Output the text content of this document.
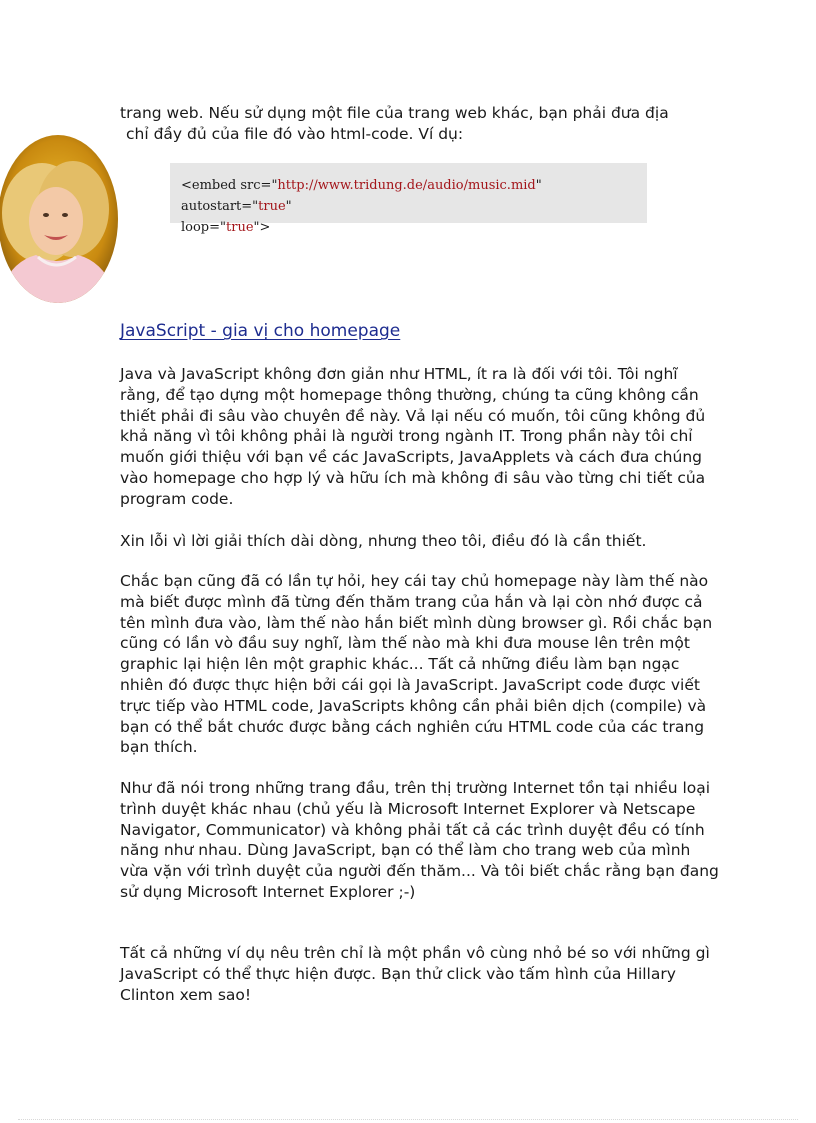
trang web. Nếu sử dụng một file của trang web khác, bạn phải đưa địa
chỉ đầy đủ của file đó vào html-code. Ví dụ:

<embed src="http://www.tridung.de/audio/music.mid" autostart="true"
loop="true">
JavaScript - gia vị cho homepage

Java và JavaScript không đơn giản như HTML, ít ra là đối với tôi. Tôi nghĩ rằng, để tạo dựng một homepage thông thường, chúng ta cũng không cần thiết phải đi sâu vào chuyên đề này. Vả lại nếu có muốn, tôi cũng không đủ khả năng vì tôi không phải là người trong ngành IT. Trong phần này tôi chỉ muốn giới thiệu với bạn về các JavaScripts, JavaApplets và cách đưa chúng vào homepage cho hợp lý và hữu ích mà không đi sâu vào từng chi tiết của program code.

Xin lỗi vì lời giải thích dài dòng, nhưng theo tôi, điều đó là cần thiết.

Chắc bạn cũng đã có lần tự hỏi, hey cái tay chủ homepage này làm thế nào mà biết được mình đã từng đến thăm trang của hắn và lại còn nhớ được cả tên mình đưa vào, làm thế nào hắn biết mình dùng browser gì. Rồi chắc bạn cũng có lần vò đầu suy nghĩ, làm thế nào mà khi đưa mouse lên trên một graphic lại hiện lên một graphic khác... Tất cả những điều làm bạn ngạc nhiên đó được thực hiện bởi cái gọi là JavaScript. JavaScript code được viết trực tiếp vào HTML code, JavaScripts không cần phải biên dịch (compile) và bạn có thể bắt chước được bằng cách nghiên cứu HTML code của các trang bạn thích.

Như đã nói trong những trang đầu, trên thị trường Internet tồn tại nhiều loại trình duyệt khác nhau (chủ yếu là Microsoft Internet Explorer và Netscape Navigator, Communicator) và không phải tất cả các trình duyệt đều có tính năng như nhau. Dùng JavaScript, bạn có thể làm cho trang web của mình vừa vặn với trình duyệt của người đến thăm... Và tôi biết chắc rằng bạn đang sử dụng Microsoft Internet Explorer ;-)

Tất cả những ví dụ nêu trên chỉ là một phần vô cùng nhỏ bé so với những gì JavaScript có thể thực hiện được. Bạn thử click vào tấm hình của Hillary Clinton xem sao!
